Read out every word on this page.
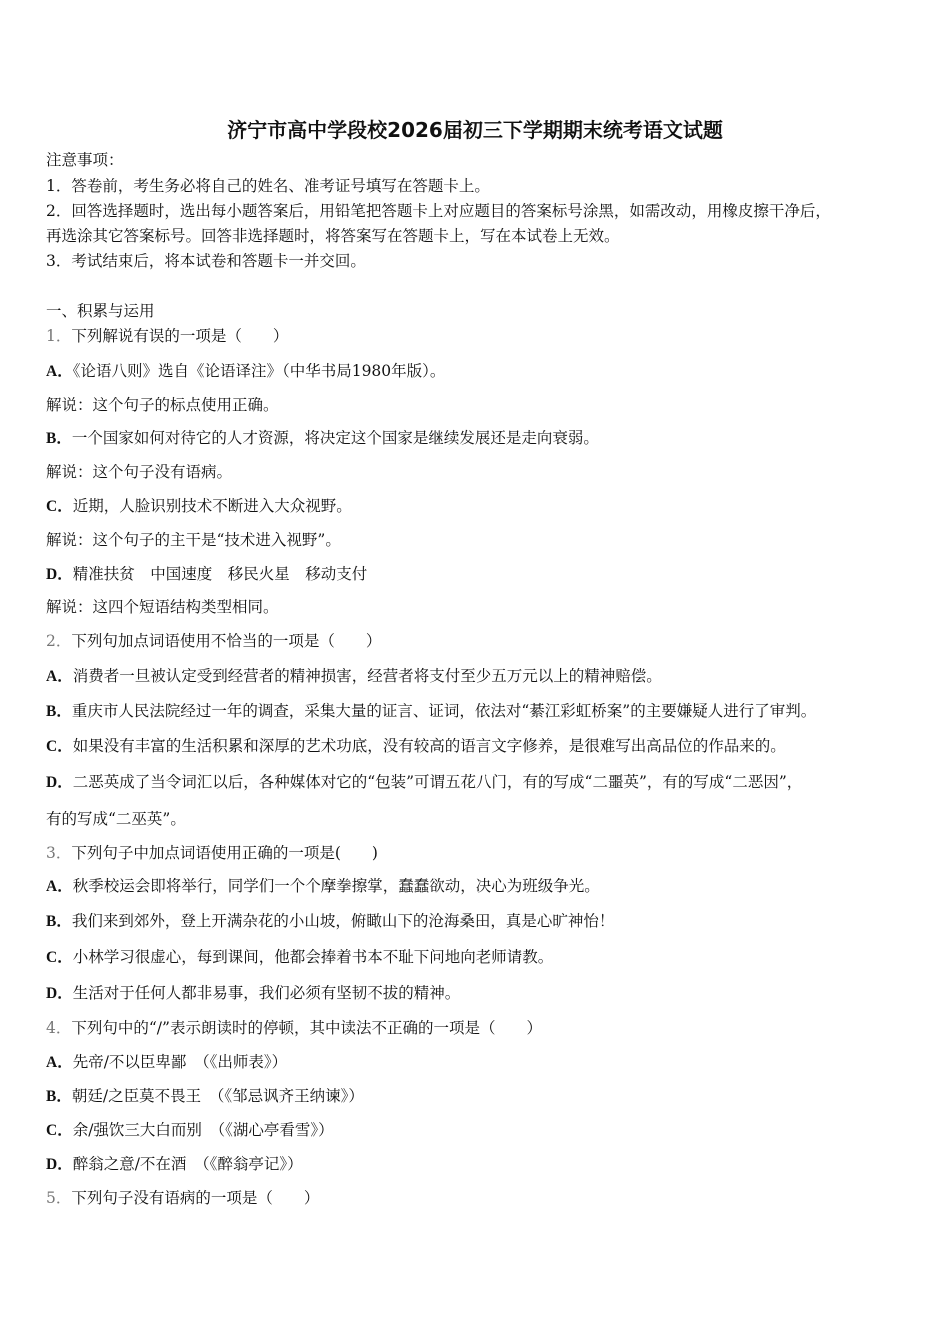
济宁市高中学段校2026届初三下学期期末统考语文试题
注意事项：
1．答卷前，考生务必将自己的姓名、准考证号填写在答题卡上。
2．回答选择题时，选出每小题答案后，用铅笔把答题卡上对应题目的答案标号涂黑，如需改动，用橡皮擦干净后，
再选涂其它答案标号。回答非选择题时，将答案写在答题卡上，写在本试卷上无效。
3．考试结束后，将本试卷和答题卡一并交回。
一、积累与运用
1．下列解说有误的一项是（　　）
A．《论语八则》选自《论语译注》（中华书局1980年版）。
解说：这个句子的标点使用正确。
B．一个国家如何对待它的人才资源，将决定这个国家是继续发展还是走向衰弱。
解说：这个句子没有语病。
C．近期，人脸识别技术不断进入大众视野。
解说：这个句子的主干是“技术进入视野”。
D．精准扶贫　中国速度　移民火星　移动支付
解说：这四个短语结构类型相同。
2．下列句加点词语使用不恰当的一项是（　　）
A．消费者一旦被认定受到经营者的精神损害，经营者将支付至少五万元以上的精神赔偿。
B．重庆市人民法院经过一年的调查，采集大量的证言、证词，依法对“綦江彩虹桥案”的主要嫌疑人进行了审判。
C．如果没有丰富的生活积累和深厚的艺术功底，没有较高的语言文字修养，是很难写出高品位的作品来的。
D．二恶英成了当令词汇以后，各种媒体对它的“包装”可谓五花八门，有的写成“二噩英”，有的写成“二恶因”，
有的写成“二巫英”。
3．下列句子中加点词语使用正确的一项是(　　)
A．秋季校运会即将举行，同学们一个个摩拳擦掌，蠢蠢欲动，决心为班级争光。
B．我们来到郊外，登上开满杂花的小山坡，俯瞰山下的沧海桑田，真是心旷神怡！
C．小林学习很虚心，每到课间，他都会捧着书本不耻下问地向老师请教。
D．生活对于任何人都非易事，我们必须有坚韧不拔的精神。
4．下列句中的“/”表示朗读时的停顿，其中读法不正确的一项是（　　）
A．先帝/不以臣卑鄙　（《出师表》）
B．朝廷/之臣莫不畏王　（《邹忌讽齐王纳谏》）
C．余/强饮三大白而别　（《湖心亭看雪》）
D．醉翁之意/不在酒　（《醉翁亭记》）
5．下列句子没有语病的一项是（　　）
